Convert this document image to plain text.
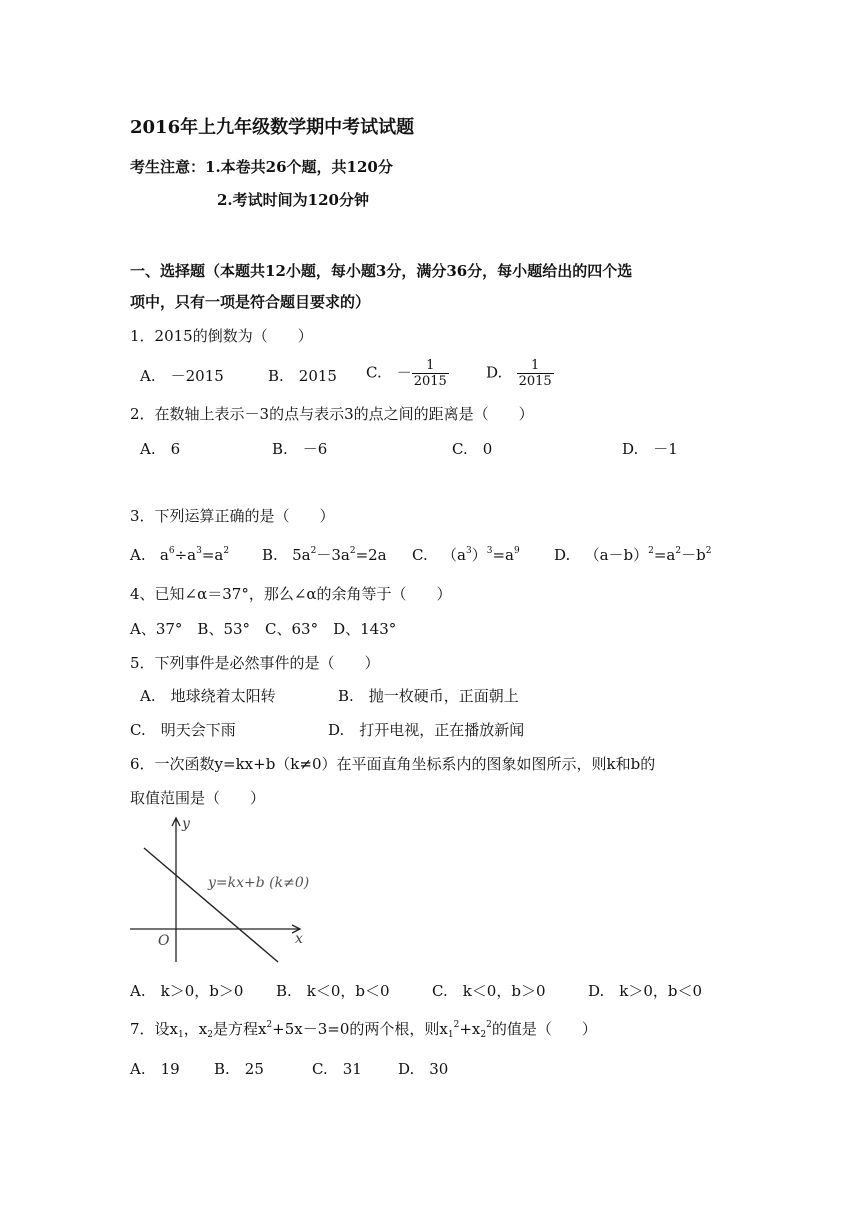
2016年上九年级数学期中考试试题
考生注意：1.本卷共26个题，共120分
2.考试时间为120分钟
一、选择题（本题共12小题，每小题3分，满分36分，每小题给出的四个选
项中，只有一项是符合题目要求的）
1．2015的倒数为（　　）
A.　－2015	B.　2015 C.　－ $\frac{1}{2015} D$. $\frac{1}{2015}$
2．在数轴上表示－3的点与表示3的点之间的距离是（　　）
A.　6	B.　－6	C.　0	D.　－1
3．下列运算正确的是（　　）
A.   $a^6\div a^3=a^2$ B.   $5a^2-3a^2=2a$ C.   $(a^3)^3=a^9$ D.   $(a-b)^2=a^2-b^2$
4、已知∠α＝37°，那么∠α的余角等于（　　）
A、37°　B、53°　C、63°　D、143°
5．下列事件是必然事件的是（　　）
A.　地球绕着太阳转	B.　抛一枚硬币，正面朝上
C.　明天会下雨	D.　打开电视，正在播放新闻
6．一次函数y=kx+b（k≠0）在平面直角坐标系内的图象如图所示，则k和b的
取值范围是（　　）
x
y
O
y=kx+b (k≠0)
A.　k＞0，b＞0 B.　k＜0，b＜0	C.　k＜0，b＞0	D.　k＞0，b＜0
7．设$x_1$，$x_2$是方程$x^2+5x-3=0$的两个根，则$x_1^2+x_2^2$的值是（　　）
A.　19 B.　25	C.　31 D.　30
